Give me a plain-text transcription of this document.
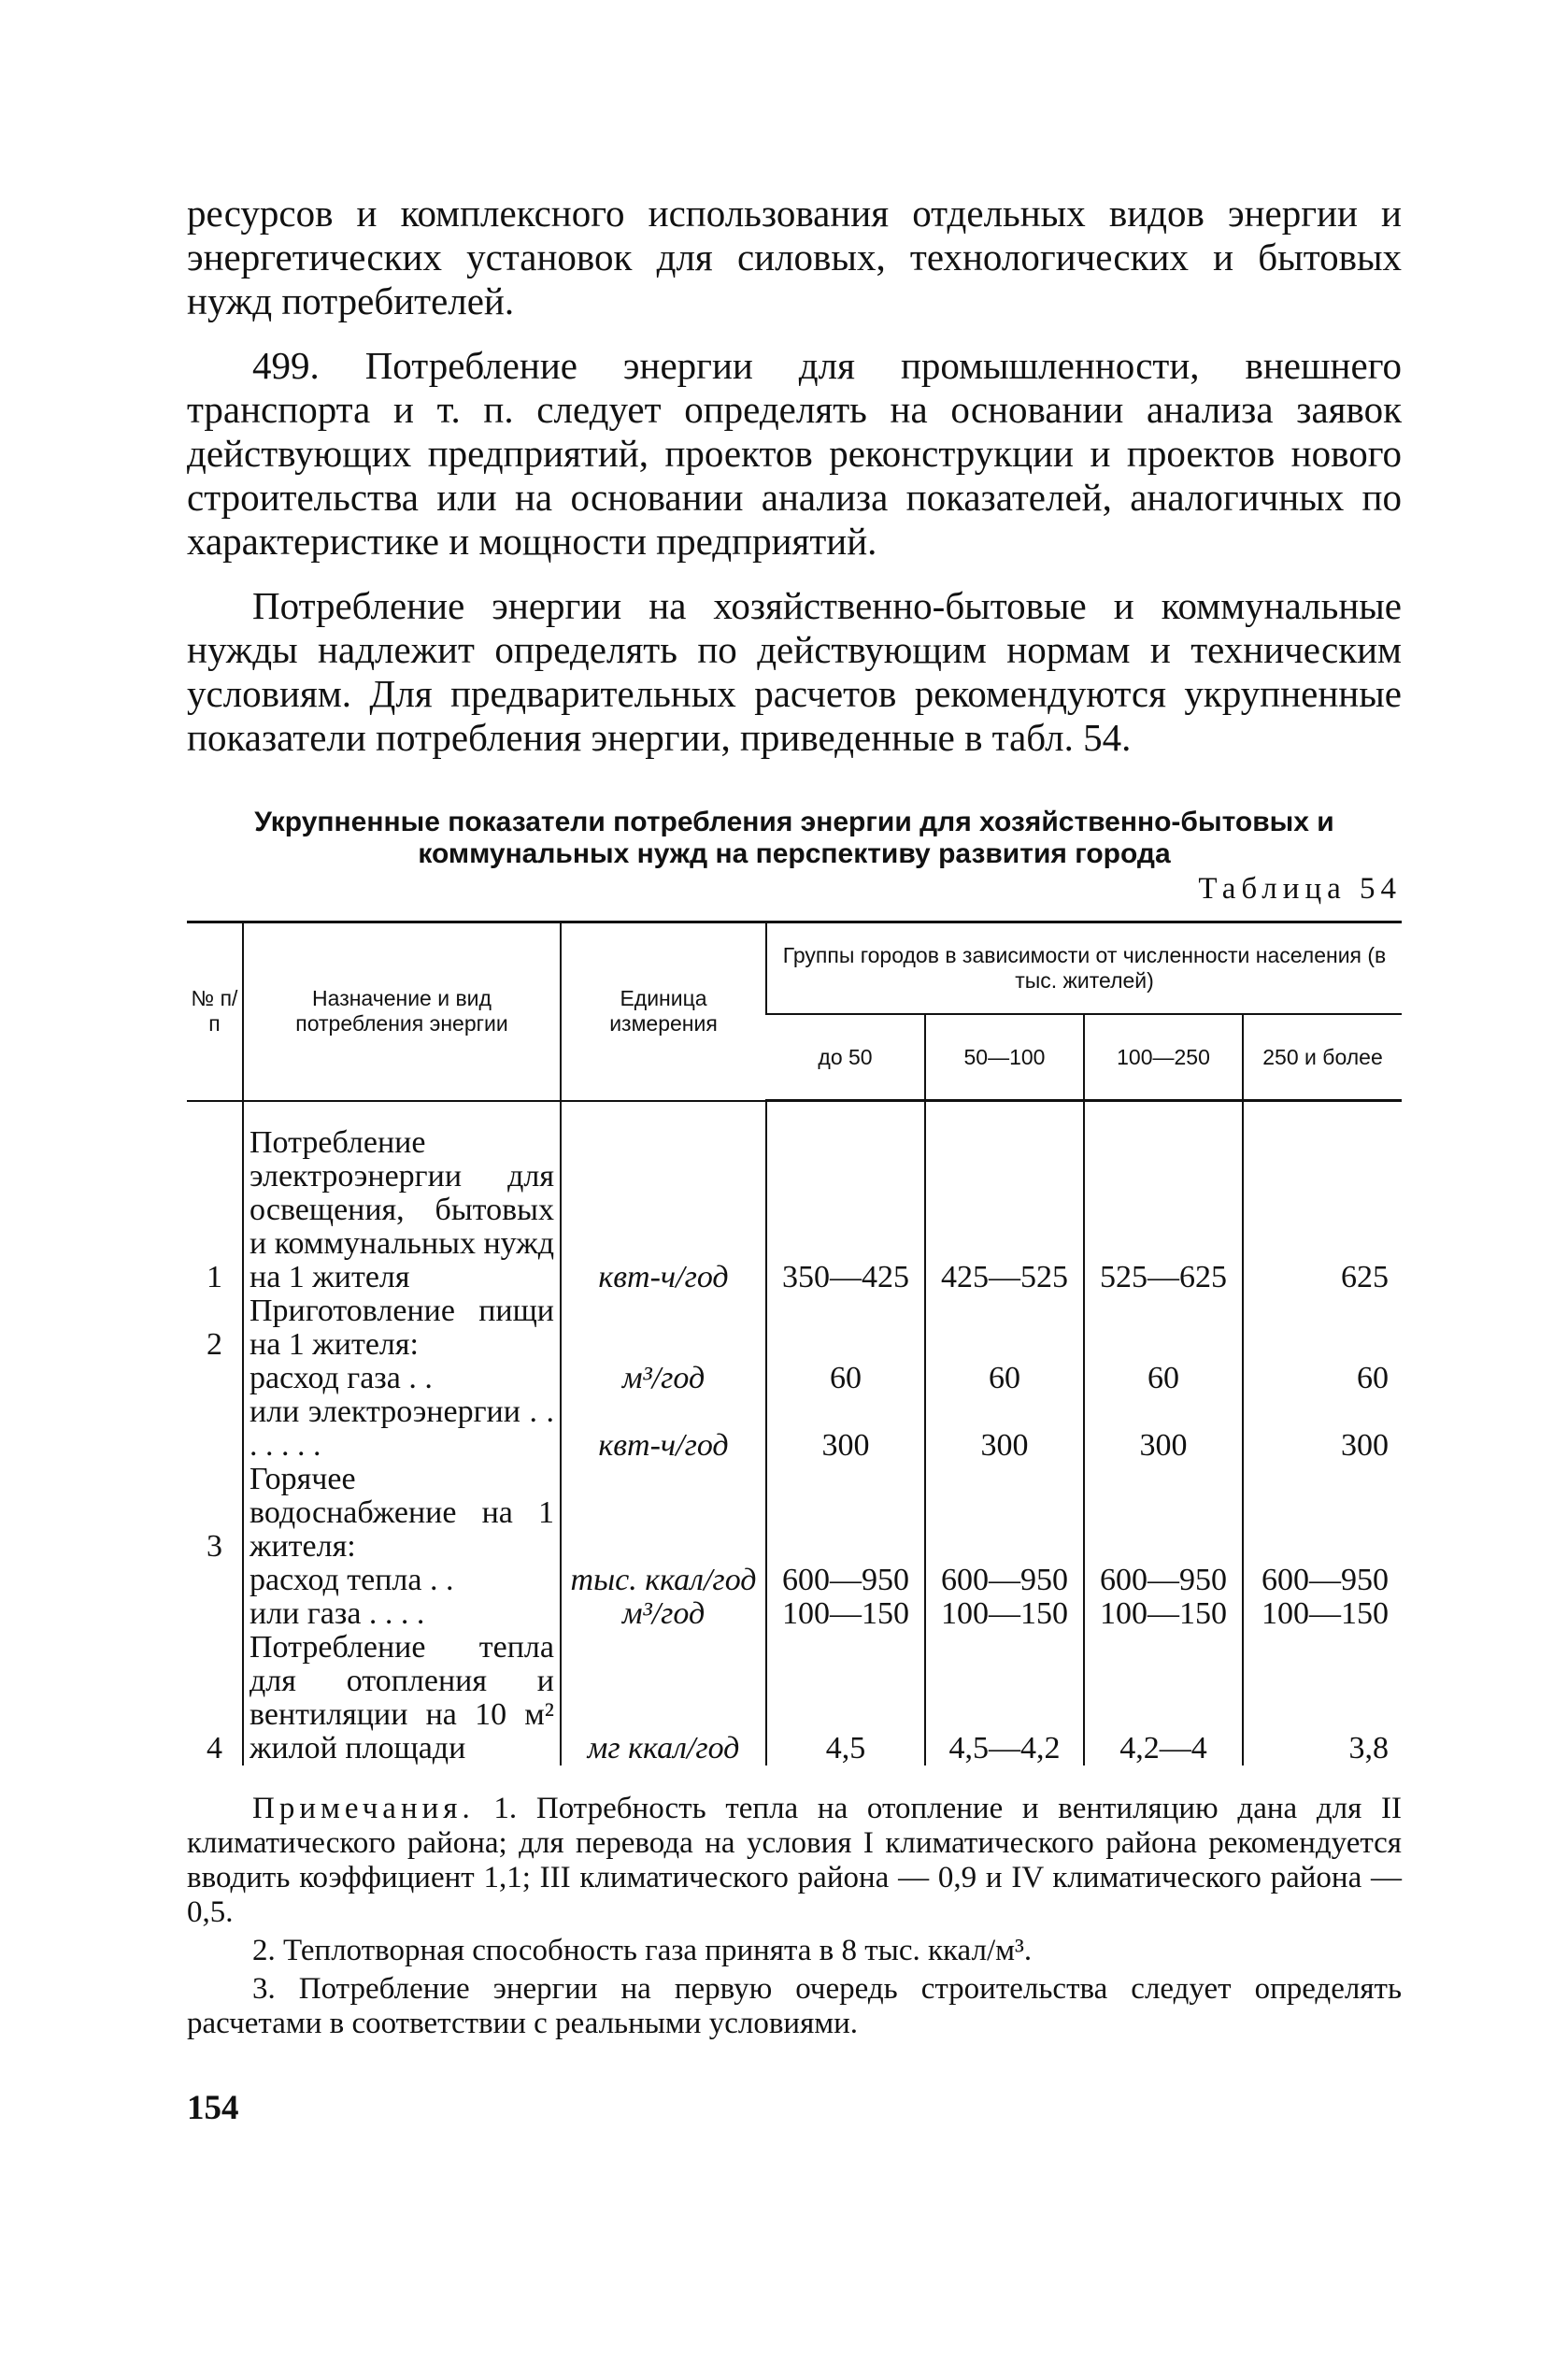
ресурсов и комплексного использования отдельных видов энергии и энергетических установок для силовых, технологических и бытовых нужд потребителей.

499. Потребление энергии для промышленности, внешнего транспорта и т. п. следует определять на основании анализа заявок действующих предприятий, проектов реконструкции и проектов нового строительства или на основании анализа показателей, аналогичных по характеристике и мощности предприятий.

Потребление энергии на хозяйственно-бытовые и коммунальные нужды надлежит определять по действующим нормам и техническим условиям. Для предварительных расчетов рекомендуются укрупненные показатели потребления энергии, приведенные в табл. 54.

Укрупненные показатели потребления энергии для хозяйственно-бытовых и коммунальных нужд на перспективу развития города
Таблица 54
№ п/п	Назначение и вид потребления энергии	Единица измерения	Группы городов в зависимости от численности населения (в тыс. жителей)			
			до 50	50—100	100—250	250 и более
1	Потребление электроэнергии для освещения, бытовых и коммунальных нужд на 1 жителя	квт-ч/год	350—425	425—525	525—625	625
2	Приготовление пищи на 1 жителя:					
	расход газа . .	м³/год	60	60	60	60
	или электроэнергии . . . . . . .	квт-ч/год	300	300	300	300
3	Горячее водоснабжение на 1 жителя:					
	расход тепла . .	тыс. ккал/год	600—950	600—950	600—950	600—950
	или газа . . . .	м³/год	100—150	100—150	100—150	100—150
4	Потребление тепла для отопления и вентиляции на 10 м² жилой площади	мг ккал/год	4,5	4,5—4,2	4,2—4	3,8

Примечания. 1. Потребность тепла на отопление и вентиляцию дана для II климатического района; для перевода на условия I климатического района рекомендуется вводить коэффициент 1,1; III климатического района — 0,9 и IV климатического района — 0,5.

2. Теплотворная способность газа принята в 8 тыс. ккал/м³.

3. Потребление энергии на первую очередь строительства следует определять расчетами в соответствии с реальными условиями.

154
